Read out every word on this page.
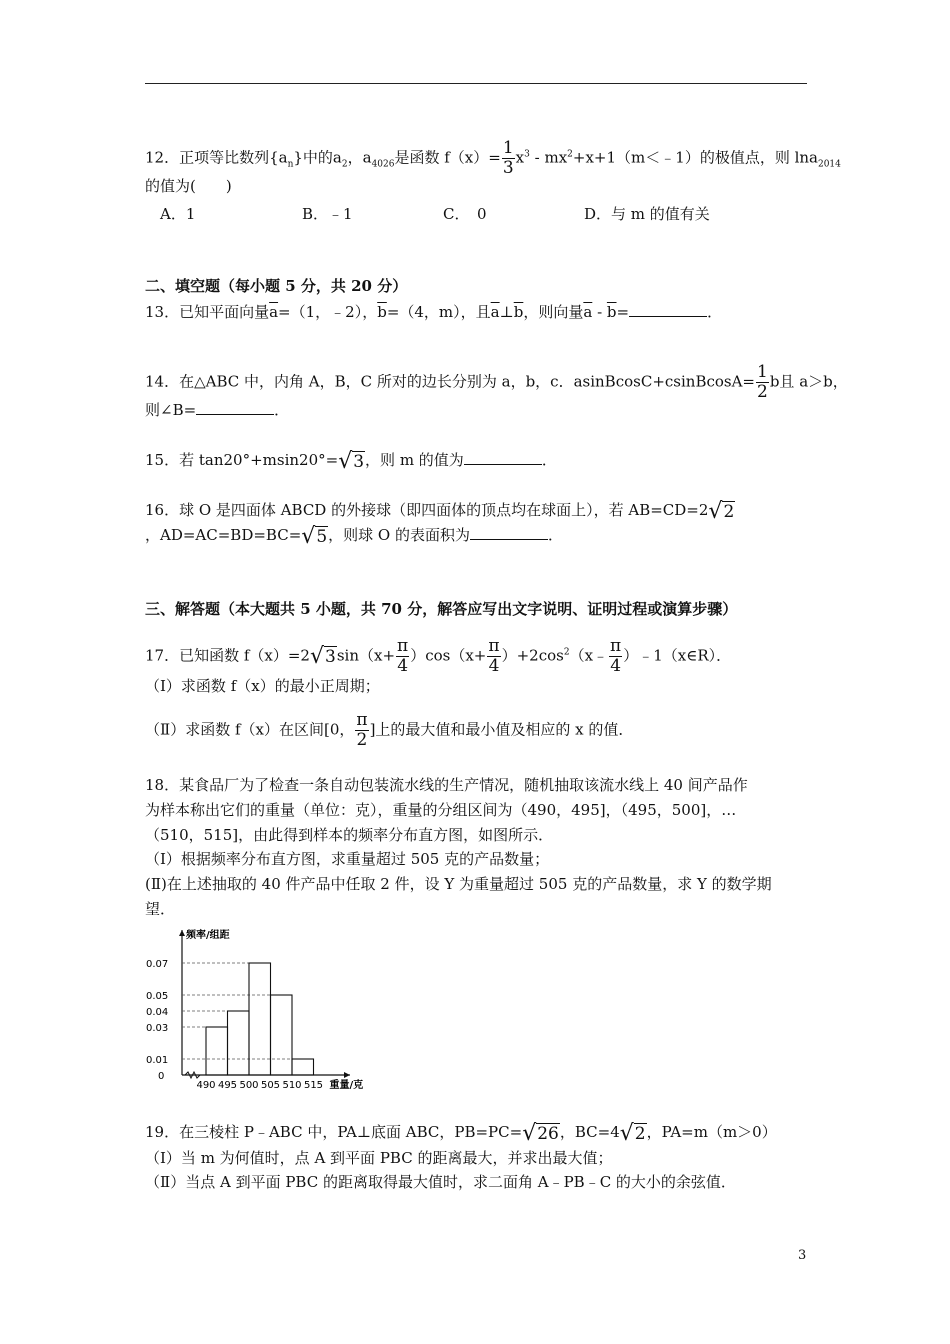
12．正项等比数列$\{a_n\}$中的$a_2$，$a_{4026}$是函数 $f(x)= \frac{1}{3} x^3$ - $mx^2+x+1(m<﹣1)$的极值点，则 lna$_{2014}$
的值为(　　)
A．1	B．﹣1	C．　0	D．与 m 的值有关
二、填空题（每小题 5 分，共 20 分）
13．已知平面向量$\overline{a}=(1$，﹣2），$\overline{b}=(4$，m），且$\overline{a}\perp\overline{b}$，则向量$\overline{a} - \overline{b}=$	．
14．在△ABC 中，内角 A，B，C 所对的边长分别为 a，b，c．asinBcosC+csinBcosA= $\frac{1}{2}$ b且 a＞b，
则∠B=	．
15．若 tan20°+msin20°=√3，则 m 的值为	．
16．球 O 是四面体 ABCD 的外接球（即四面体的顶点均在球面上），若 AB=CD=2√2
，AD=AC=BD=BC=√5，则球 O 的表面积为	．
三、解答题（本大题共 5 小题，共 70 分，解答应写出文字说明、证明过程或演算步骤）
17．已知函数 $f(x)=2√3\sin(x+ \frac{\pi}{4} )\cos(x+ \frac{\pi}{4}$ ）$+2\cos^2(x﹣ \frac{\pi}{4}$ ）﹣1（x∈R）．
（Ⅰ）求函数 f（x）的最小正周期；
（Ⅱ）求函数 f（x）在区间[0， $\frac{\pi}{2}$ ]上的最大值和最小值及相应的 x 的值．
18．某食品厂为了检查一条自动包装流水线的生产情况，随机抽取该流水线上 40 间产品作
为样本称出它们的重量（单位：克），重量的分组区间为（490，495]，（495，500]，…
（510，515]，由此得到样本的频率分布直方图，如图所示．
（Ⅰ）根据频率分布直方图，求重量超过 505 克的产品数量；
(Ⅱ)在上述抽取的 40 件产品中任取 2 件，设 Y 为重量超过 505 克的产品数量，求 Y 的数学期
望．
0.01
0.03
0.04
0.05
0.07
490 495 500 505 510 515
频率/组距
重量/克
0
19．在三棱柱 P﹣ABC 中，PA⊥底面 ABC，PB=PC=√26，BC=4√2，PA=m（m＞0）
（Ⅰ）当 m 为何值时，点 A 到平面 PBC 的距离最大，并求出最大值；
（Ⅱ）当点 A 到平面 PBC 的距离取得最大值时，求二面角 A﹣PB﹣C 的大小的余弦值．
3
